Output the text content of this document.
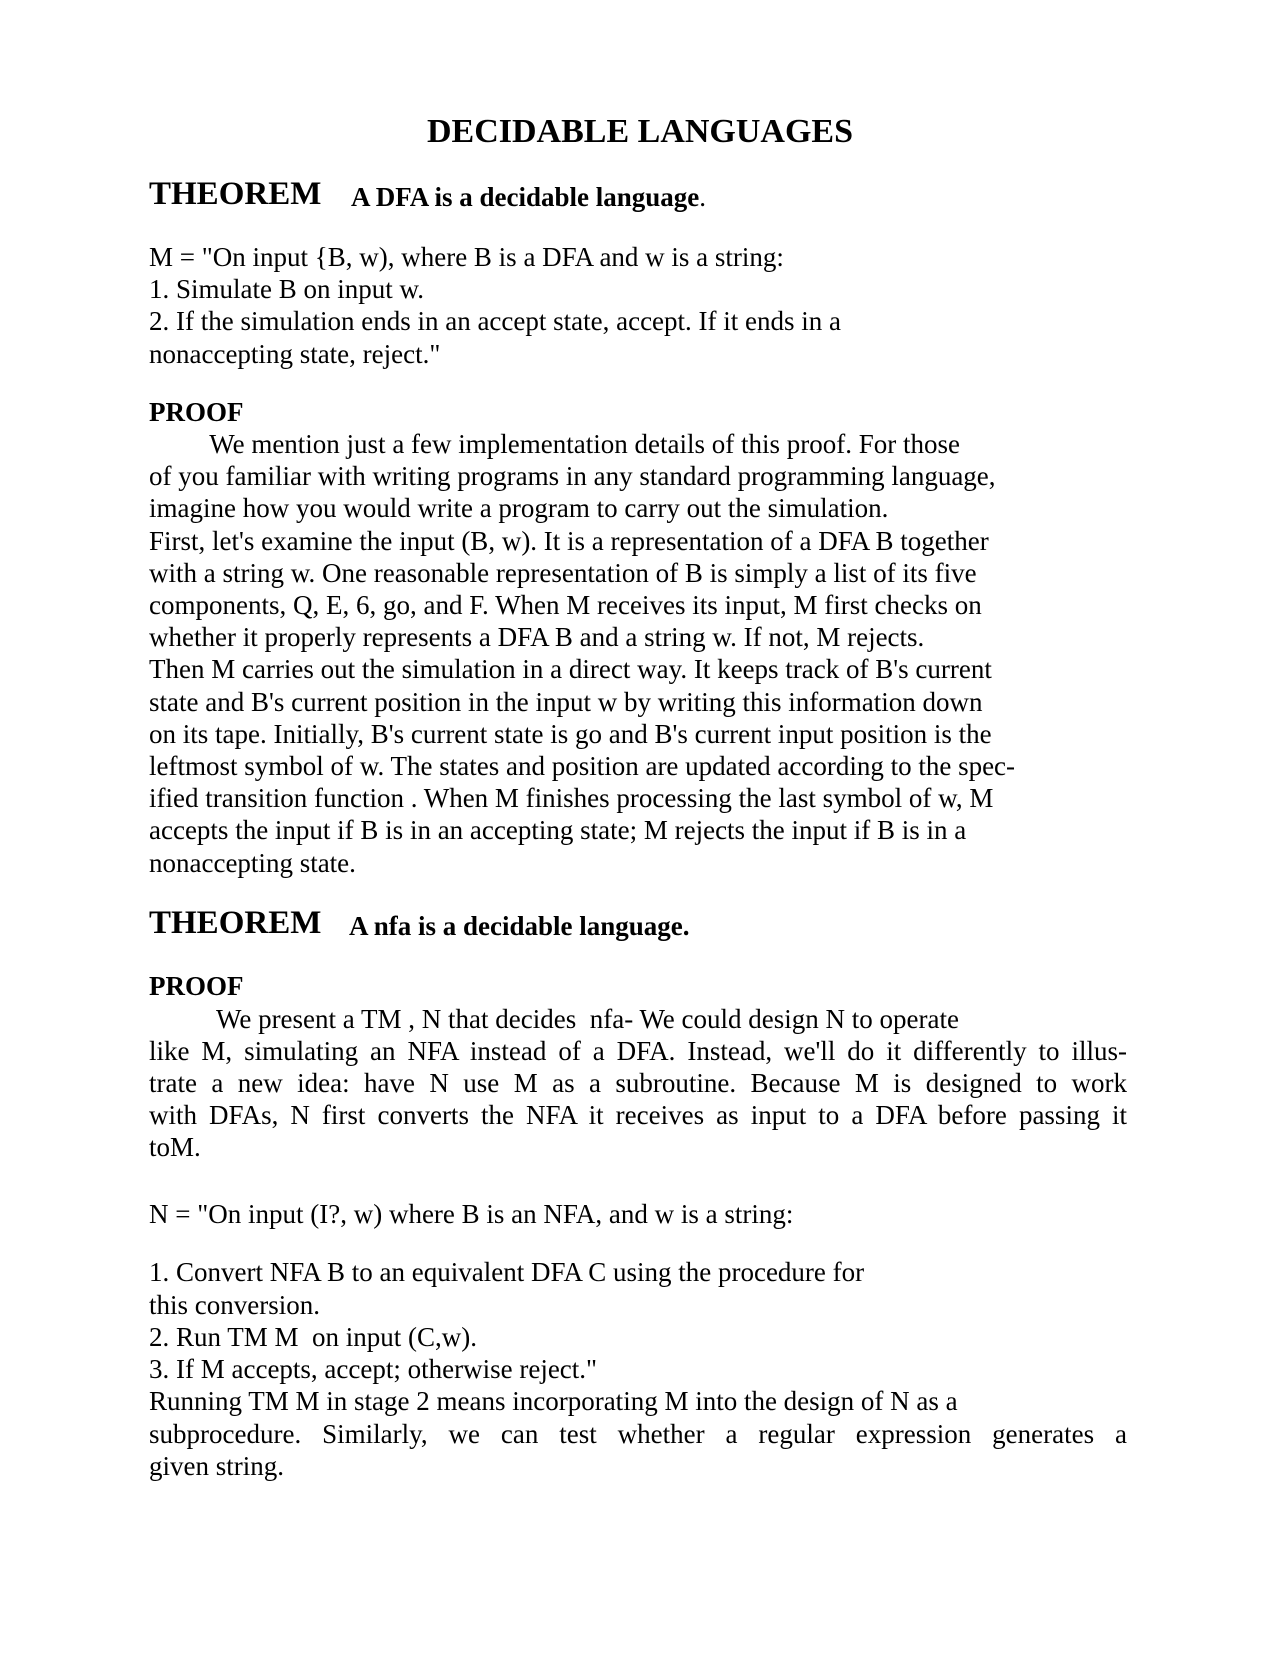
DECIDABLE LANGUAGES
THEOREM A DFA is a decidable language.
M = "On input {B, w), where B is a DFA and w is a string:
1. Simulate B on input w.
2. If the simulation ends in an accept state, accept. If it ends in a
nonaccepting state, reject."
PROOF
We mention just a few implementation details of this proof. For those
of you familiar with writing programs in any standard programming language,
imagine how you would write a program to carry out the simulation.
First, let's examine the input (B, w). It is a representation of a DFA B together
with a string w. One reasonable representation of B is simply a list of its five
components, Q, E, 6, go, and F. When M receives its input, M first checks on
whether it properly represents a DFA B and a string w. If not, M rejects.
Then M carries out the simulation in a direct way. It keeps track of B's current
state and B's current position in the input w by writing this information down
on its tape. Initially, B's current state is go and B's current input position is the
leftmost symbol of w. The states and position are updated according to the spec-
ified transition function . When M finishes processing the last symbol of w, M
accepts the input if B is in an accepting state; M rejects the input if B is in a
nonaccepting state.
THEOREM A nfa is a decidable language.
PROOF
We present a TM , N that decides  nfa- We could design N to operate
like M, simulating an NFA instead of a DFA. Instead, we'll do it differently to illus-
trate a new idea: have N use M as a subroutine. Because M is designed to work
with DFAs, N first converts the NFA it receives as input to a DFA before passing it
toM.
N = "On input (I?, w) where B is an NFA, and w is a string:
1. Convert NFA B to an equivalent DFA C using the procedure for
this conversion.
2. Run TM M  on input (C,w).
3. If M accepts, accept; otherwise reject."
Running TM M in stage 2 means incorporating M into the design of N as a
subprocedure. Similarly, we can test whether a regular expression generates a
given string.
